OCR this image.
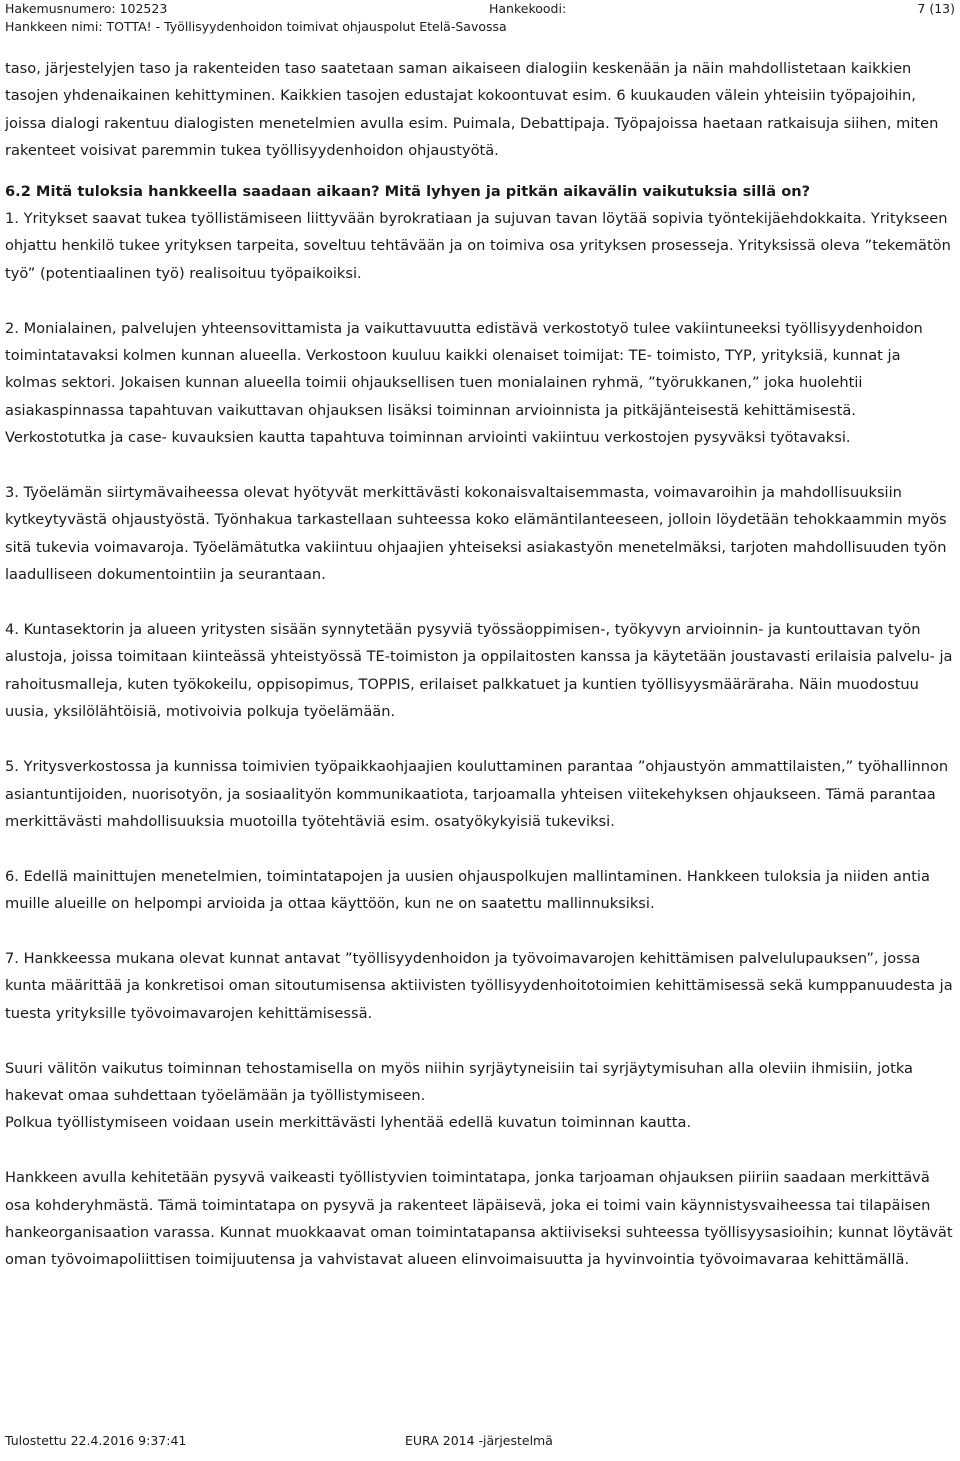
Hakemusnumero: 102523	Hankekoodi:	7 (13)
Hankkeen nimi: TOTTA! - Työllisyydenhoidon toimivat ohjauspolut Etelä-Savossa

taso, järjestelyjen taso ja rakenteiden taso saatetaan saman aikaiseen dialogiin keskenään ja näin mahdollistetaan kaikkien tasojen yhdenaikainen kehittyminen. Kaikkien tasojen edustajat kokoontuvat esim. 6 kuukauden välein yhteisiin työpajoihin, joissa dialogi rakentuu dialogisten menetelmien avulla esim. Puimala, Debattipaja. Työpajoissa haetaan ratkaisuja siihen, miten rakenteet voisivat paremmin tukea työllisyydenhoidon ohjaustyötä.

6.2 Mitä tuloksia hankkeella saadaan aikaan? Mitä lyhyen ja pitkän aikavälin vaikutuksia sillä on?

1. Yritykset saavat tukea työllistämiseen liittyvään byrokratiaan ja sujuvan tavan löytää sopivia työntekijäehdokkaita. Yritykseen ohjattu henkilö tukee yrityksen tarpeita, soveltuu tehtävään ja on toimiva osa yrityksen prosesseja. Yrityksissä oleva ”tekemätön työ” (potentiaalinen työ) realisoituu työpaikoiksi.

2. Monialainen, palvelujen yhteensovittamista ja vaikuttavuutta edistävä verkostotyö tulee vakiintuneeksi työllisyydenhoidon toimintatavaksi kolmen kunnan alueella. Verkostoon kuuluu kaikki olenaiset toimijat: TE- toimisto, TYP, yrityksiä, kunnat ja kolmas sektori. Jokaisen kunnan alueella toimii ohjauksellisen tuen monialainen ryhmä, ”työrukkanen,” joka huolehtii asiakaspinnassa tapahtuvan vaikuttavan ohjauksen lisäksi toiminnan arvioinnista ja pitkäjänteisestä kehittämisestä. Verkostotutka ja case- kuvauksien kautta tapahtuva toiminnan arviointi vakiintuu verkostojen pysyväksi työtavaksi.

3. Työelämän siirtymävaiheessa olevat hyötyvät merkittävästi kokonaisvaltaisemmasta, voimavaroihin ja mahdollisuuksiin kytkeytyvästä ohjaustyöstä. Työnhakua tarkastellaan suhteessa koko elämäntilanteeseen, jolloin löydetään tehokkaammin myös sitä tukevia voimavaroja. Työelämätutka vakiintuu ohjaajien yhteiseksi asiakastyön menetelmäksi, tarjoten mahdollisuuden työn laadulliseen dokumentointiin ja seurantaan.

4. Kuntasektorin ja alueen yritysten sisään synnytetään pysyviä työssäoppimisen-, työkyvyn arvioinnin- ja kuntouttavan työn alustoja, joissa toimitaan kiinteässä yhteistyössä TE-toimiston ja oppilaitosten kanssa ja käytetään joustavasti erilaisia palvelu- ja rahoitusmalleja, kuten työkokeilu, oppisopimus, TOPPIS, erilaiset palkkatuet ja kuntien työllisyysmääräraha. Näin muodostuu uusia, yksilölähtöisiä, motivoivia polkuja työelämään.

5. Yritysverkostossa ja kunnissa toimivien työpaikkaohjaajien kouluttaminen parantaa ”ohjaustyön ammattilaisten,” työhallinnon asiantuntijoiden, nuorisotyön, ja sosiaalityön kommunikaatiota, tarjoamalla yhteisen viitekehyksen ohjaukseen. Tämä parantaa merkittävästi mahdollisuuksia muotoilla työtehtäviä esim. osatyökykyisiä tukeviksi.

6. Edellä mainittujen menetelmien, toimintatapojen ja uusien ohjauspolkujen mallintaminen. Hankkeen tuloksia ja niiden antia muille alueille on helpompi arvioida ja ottaa käyttöön, kun ne on saatettu mallinnuksiksi.

7. Hankkeessa mukana olevat kunnat antavat ”työllisyydenhoidon ja työvoimavarojen kehittämisen palvelulupauksen”, jossa kunta määrittää ja konkretisoi oman sitoutumisensa aktiivisten työllisyydenhoitotoimien kehittämisessä sekä kumppanuudesta ja tuesta yrityksille työvoimavarojen kehittämisessä.

Suuri välitön vaikutus toiminnan tehostamisella on myös niihin syrjäytyneisiin tai syrjäytymisuhan alla oleviin ihmisiin, jotka hakevat omaa suhdettaan työelämään ja työllistymiseen.

Polkua työllistymiseen voidaan usein merkittävästi lyhentää edellä kuvatun toiminnan kautta.

Hankkeen avulla kehitetään pysyvä vaikeasti työllistyvien toimintatapa, jonka tarjoaman ohjauksen piiriin saadaan merkittävä osa kohderyhmästä. Tämä toimintatapa on pysyvä ja rakenteet läpäisevä, joka ei toimi vain käynnistysvaiheessa tai tilapäisen hankeorganisaation varassa. Kunnat muokkaavat oman toimintatapansa aktiiviseksi suhteessa työllisyysasioihin; kunnat löytävät oman työvoimapoliittisen toimijuutensa ja vahvistavat alueen elinvoimaisuutta ja hyvinvointia työvoimavaraa kehittämällä.

Tulostettu 22.4.2016 9:37:41	EURA 2014 -järjestelmä
